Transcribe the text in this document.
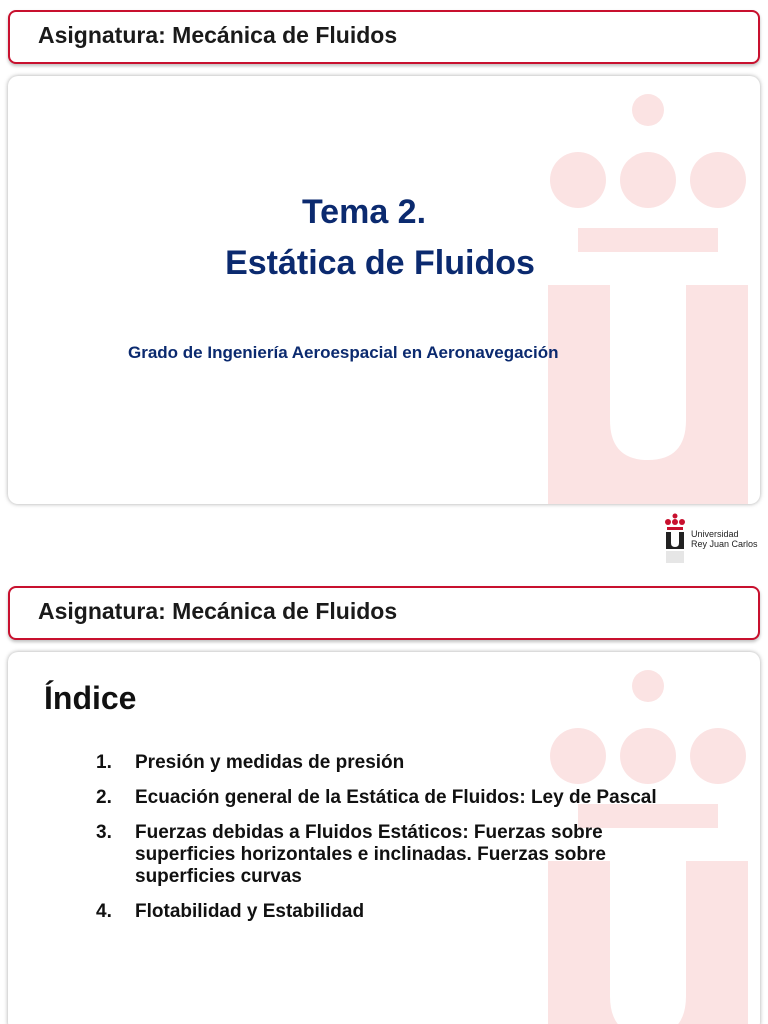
Asignatura: Mecánica de Fluidos
Tema 2.
Estática de Fluidos
Grado de Ingeniería Aeroespacial en Aeronavegación
Universidad
Rey Juan Carlos
Asignatura: Mecánica de Fluidos
Índice
1.	Presión y medidas de presión
2.	Ecuación general de la Estática de Fluidos: Ley de Pascal
3.	Fuerzas debidas a Fluidos Estáticos: Fuerzas sobre superficies horizontales e inclinadas. Fuerzas sobre superficies curvas
4.	Flotabilidad y Estabilidad
